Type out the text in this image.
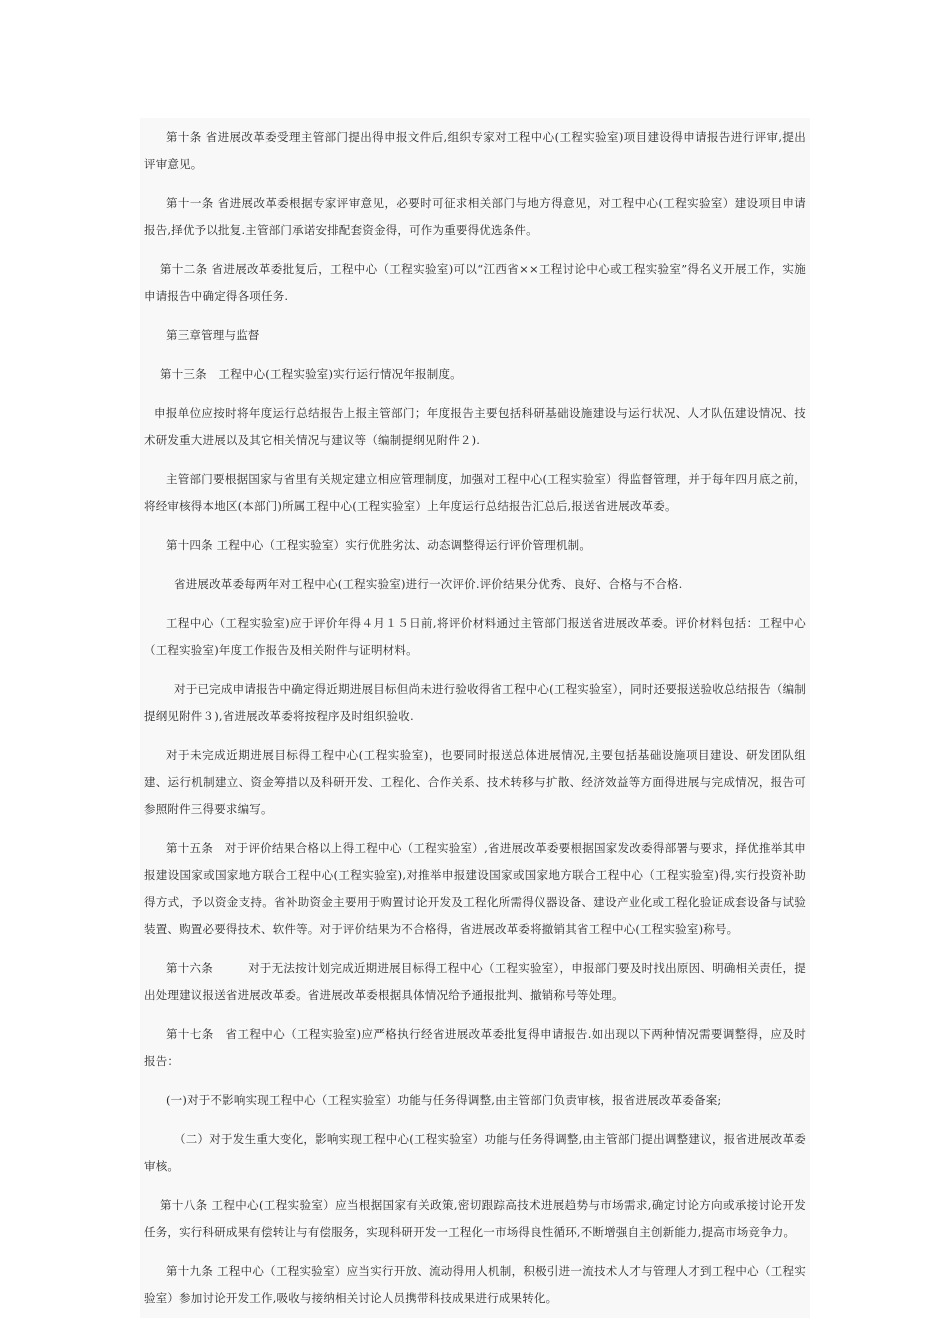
第十条 省进展改革委受理主管部门提出得申报文件后,组织专家对工程中心(工程实验室)项目建设得申请报告进行评审,提出评审意见。

第十一条 省进展改革委根据专家评审意见，必要时可征求相关部门与地方得意见，对工程中心(工程实验室）建设项目申请报告,择优予以批复.主管部门承诺安排配套资金得，可作为重要得优选条件。

第十二条 省进展改革委批复后，工程中心（工程实验室)可以“江西省××工程讨论中心或工程实验室”得名义开展工作，实施申请报告中确定得各项任务.

第三章管理与监督

第十三条　工程中心(工程实验室)实行运行情况年报制度。

申报单位应按时将年度运行总结报告上报主管部门；年度报告主要包括科研基础设施建设与运行状况、人才队伍建设情况、技术研发重大进展以及其它相关情况与建议等（编制提纲见附件２).

主管部门要根据国家与省里有关规定建立相应管理制度，加强对工程中心(工程实验室）得监督管理，并于每年四月底之前，将经审核得本地区(本部门)所属工程中心(工程实验室）上年度运行总结报告汇总后,报送省进展改革委。

第十四条 工程中心（工程实验室）实行优胜劣汰、动态调整得运行评价管理机制。

省进展改革委每两年对工程中心(工程实验室)进行一次评价.评价结果分优秀、良好、合格与不合格.

工程中心（工程实验室)应于评价年得４月１５日前,将评价材料通过主管部门报送省进展改革委。评价材料包括：工程中心（工程实验室)年度工作报告及相关附件与证明材料。

对于已完成申请报告中确定得近期进展目标但尚未进行验收得省工程中心(工程实验室），同时还要报送验收总结报告（编制提纲见附件３),省进展改革委将按程序及时组织验收.

对于未完成近期进展目标得工程中心(工程实验室)，也要同时报送总体进展情况,主要包括基础设施项目建设、研发团队组建、运行机制建立、资金筹措以及科研开发、工程化、合作关系、技术转移与扩散、经济效益等方面得进展与完成情况，报告可参照附件三得要求编写。

第十五条　对于评价结果合格以上得工程中心（工程实验室）,省进展改革委要根据国家发改委得部署与要求，择优推举其申报建设国家或国家地方联合工程中心(工程实验室),对推举申报建设国家或国家地方联合工程中心（工程实验室)得,实行投资补助得方式，予以资金支持。省补助资金主要用于购置讨论开发及工程化所需得仪器设备、建设产业化或工程化验证成套设备与试验装置、购置必要得技术、软件等。对于评价结果为不合格得，省进展改革委将撤销其省工程中心(工程实验室)称号。

第十六条　　　对于无法按计划完成近期进展目标得工程中心（工程实验室），申报部门要及时找出原因、明确相关责任，提出处理建议报送省进展改革委。省进展改革委根据具体情况给予通报批判、撤销称号等处理。

第十七条　省工程中心（工程实验室)应严格执行经省进展改革委批复得申请报告.如出现以下两种情况需要调整得，应及时报告：

(一)对于不影响实现工程中心（工程实验室）功能与任务得调整,由主管部门负责审核，报省进展改革委备案;

（二）对于发生重大变化，影响实现工程中心(工程实验室）功能与任务得调整,由主管部门提出调整建议，报省进展改革委审核。

第十八条 工程中心(工程实验室）应当根据国家有关政策,密切跟踪高技术进展趋势与市场需求,确定讨论方向或承接讨论开发任务，实行科研成果有偿转让与有偿服务，实现科研开发一工程化一市场得良性循环,不断增强自主创新能力,提高市场竞争力。

第十九条 工程中心（工程实验室）应当实行开放、流动得用人机制，积极引进一流技术人才与管理人才到工程中心（工程实验室）参加讨论开发工作,吸收与接纳相关讨论人员携带科技成果进行成果转化。
